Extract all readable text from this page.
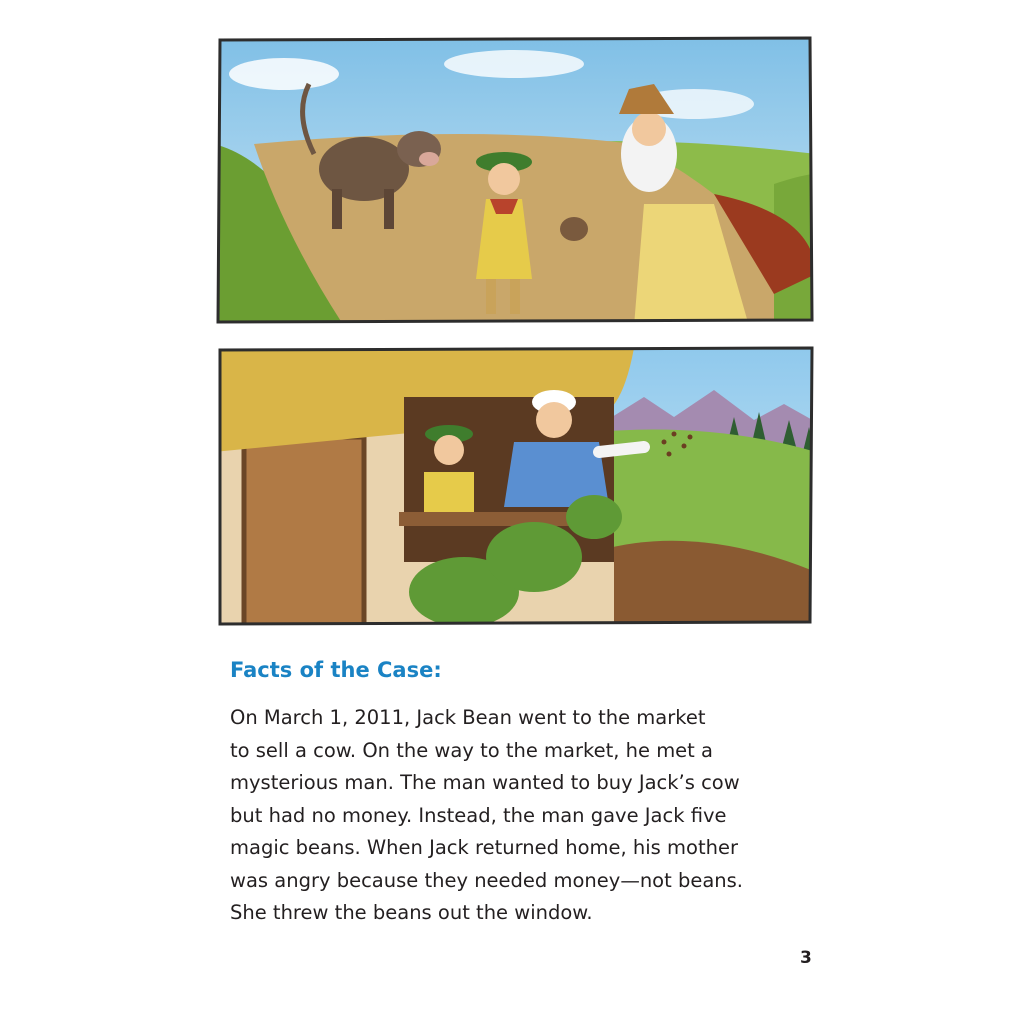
Facts of the Case:

On March 1, 2011, Jack Bean went to the market
to sell a cow. On the way to the market, he met a
mysterious man. The man wanted to buy Jack’s cow
but had no money. Instead, the man gave Jack five
magic beans. When Jack returned home, his mother
was angry because they needed money—not beans.
She threw the beans out the window.

3
